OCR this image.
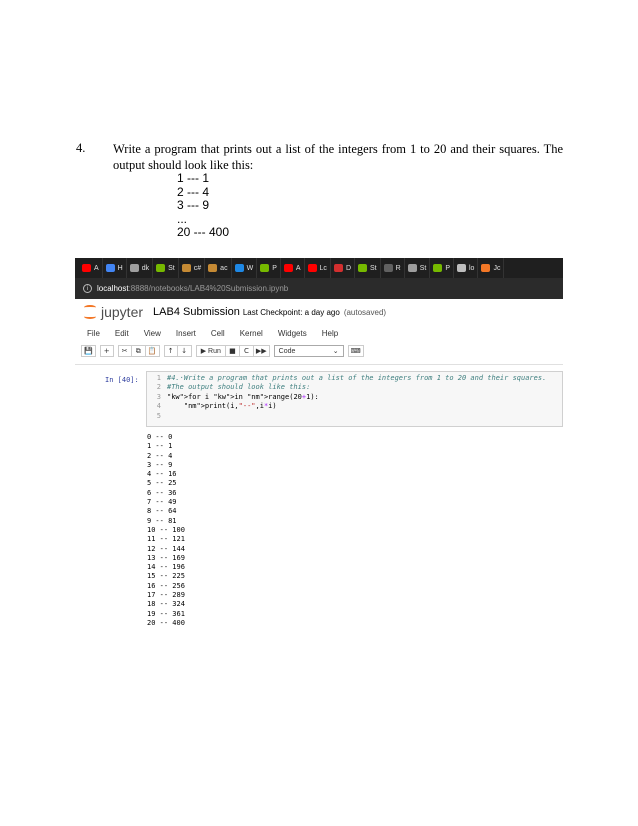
4. Write a program that prints out a list of the integers from 1 to 20 and their squares. The output should look like this:
1 --- 1
2 --- 4
3 --- 9
...
20 --- 400
A	H	dk	St	c#	ac	W	P	A	Lc	D	St	R	St	P	lo	Jc
i	localhost :8888/notebooks/LAB4%20Submission.ipynb
jupyter LAB4 Submission Last Checkpoint: a day ago (autosaved)
File Edit View Insert Cell Kernel Widgets Help
💾	+	✂	⧉	📋	↑	↓	▶ Run	■	C	▶▶	Code	⌄	⌨
In [40]:	1 #4.·Write a program that prints out a list of the integers from 1 to 20 and their squares.
2 #The output should look like this:
3 "kw">for i "kw">in "nm">range(20+1):
4	"nm">print(i,"--",i*i)
5
0 -- 0
1 -- 1
2 -- 4
3 -- 9
4 -- 16
5 -- 25
6 -- 36
7 -- 49
8 -- 64
9 -- 81
10 -- 100
11 -- 121
12 -- 144
13 -- 169
14 -- 196
15 -- 225
16 -- 256
17 -- 289
18 -- 324
19 -- 361
20 -- 400
